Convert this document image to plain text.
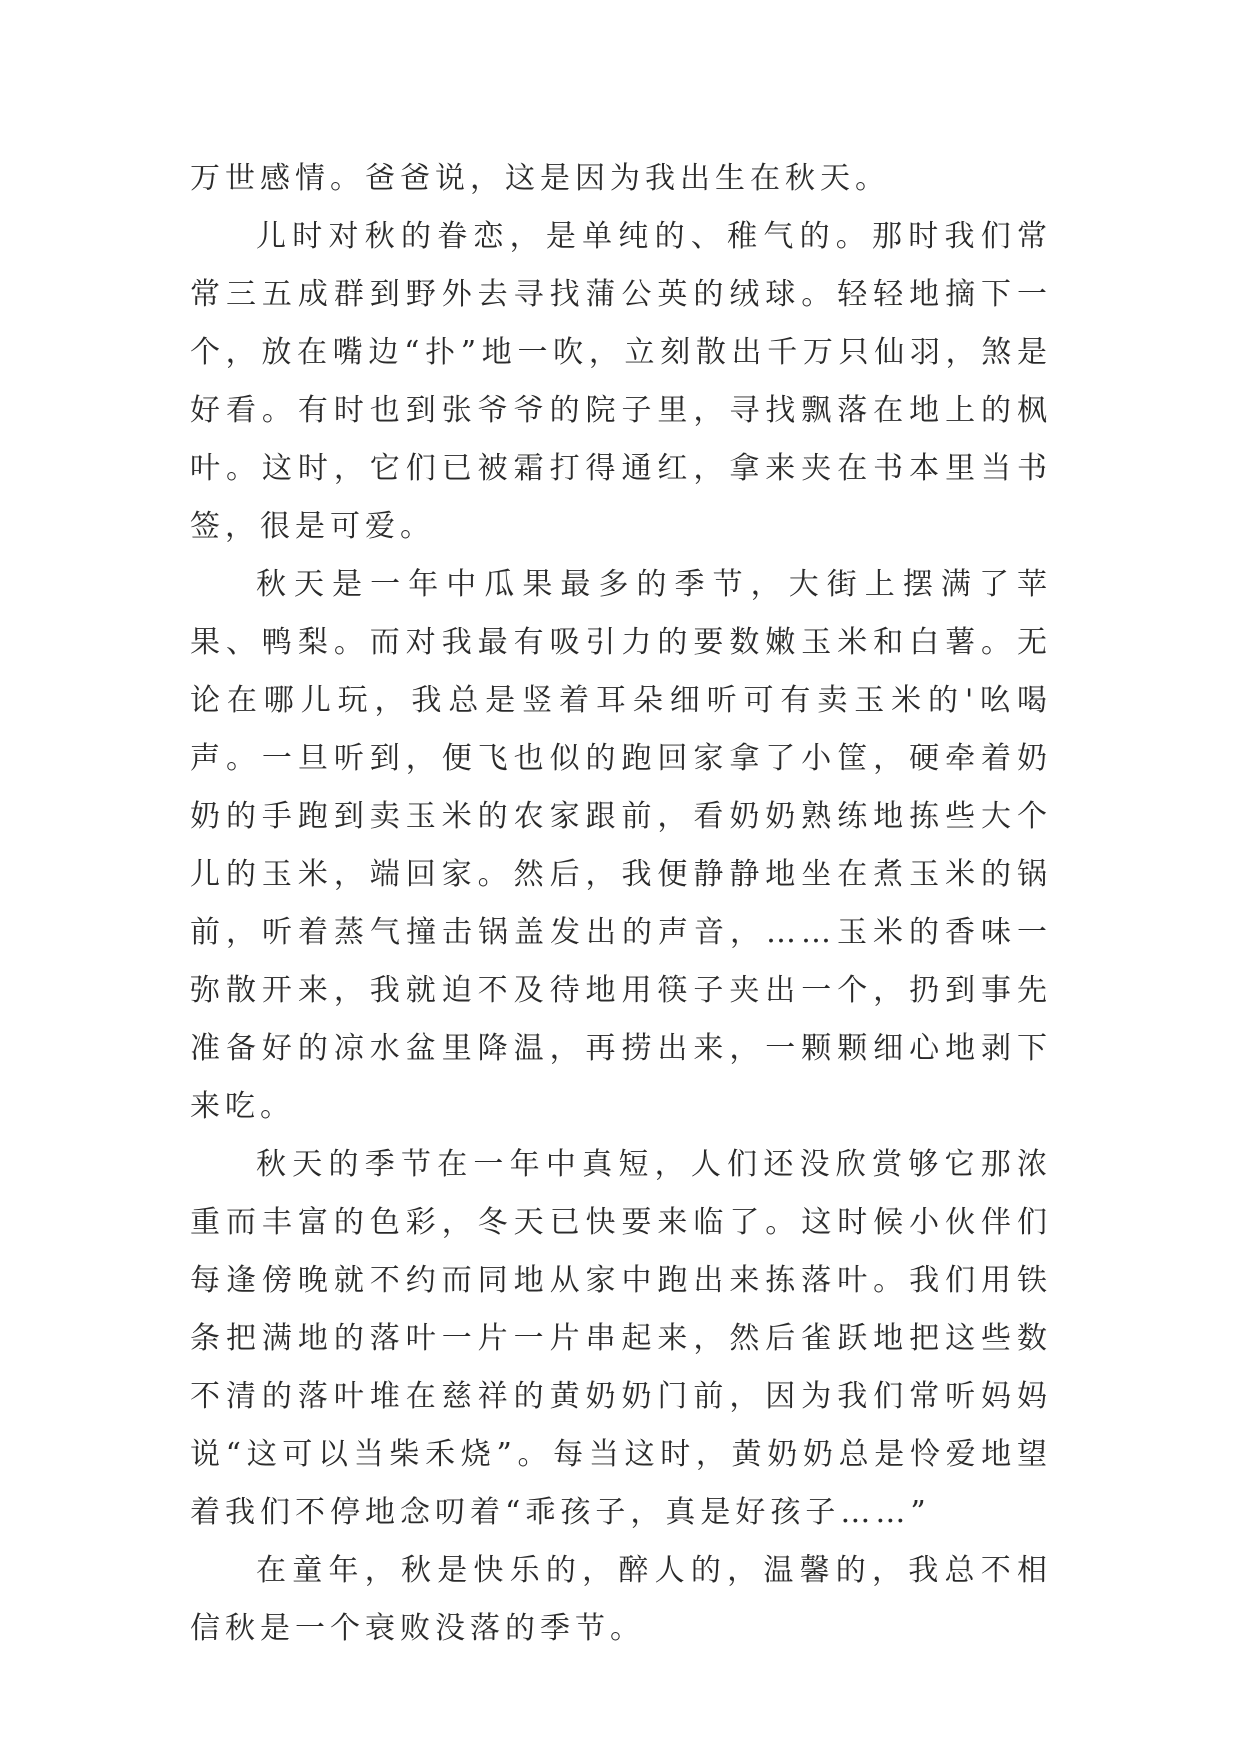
万世感情。爸爸说，这是因为我出生在秋天。

儿时对秋的眷恋，是单纯的、稚气的。那时我们常常三五成群到野外去寻找蒲公英的绒球。轻轻地摘下一个，放在嘴边“扑”地一吹，立刻散出千万只仙羽，煞是好看。有时也到张爷爷的院子里，寻找飘落在地上的枫叶。这时，它们已被霜打得通红，拿来夹在书本里当书签，很是可爱。

秋天是一年中瓜果最多的季节，大街上摆满了苹果、鸭梨。而对我最有吸引力的要数嫩玉米和白薯。无论在哪儿玩，我总是竖着耳朵细听可有卖玉米的'吆喝声。一旦听到，便飞也似的跑回家拿了小筐，硬牵着奶奶的手跑到卖玉米的农家跟前，看奶奶熟练地拣些大个儿的玉米，端回家。然后，我便静静地坐在煮玉米的锅前，听着蒸气撞击锅盖发出的声音，……玉米的香味一弥散开来，我就迫不及待地用筷子夹出一个，扔到事先准备好的凉水盆里降温，再捞出来，一颗颗细心地剥下来吃。

秋天的季节在一年中真短，人们还没欣赏够它那浓重而丰富的色彩，冬天已快要来临了。这时候小伙伴们每逢傍晚就不约而同地从家中跑出来拣落叶。我们用铁条把满地的落叶一片一片串起来，然后雀跃地把这些数不清的落叶堆在慈祥的黄奶奶门前，因为我们常听妈妈说“这可以当柴禾烧”。每当这时，黄奶奶总是怜爱地望着我们不停地念叨着“乖孩子，真是好孩子……”

在童年，秋是快乐的，醉人的，温馨的，我总不相信秋是一个衰败没落的季节。
